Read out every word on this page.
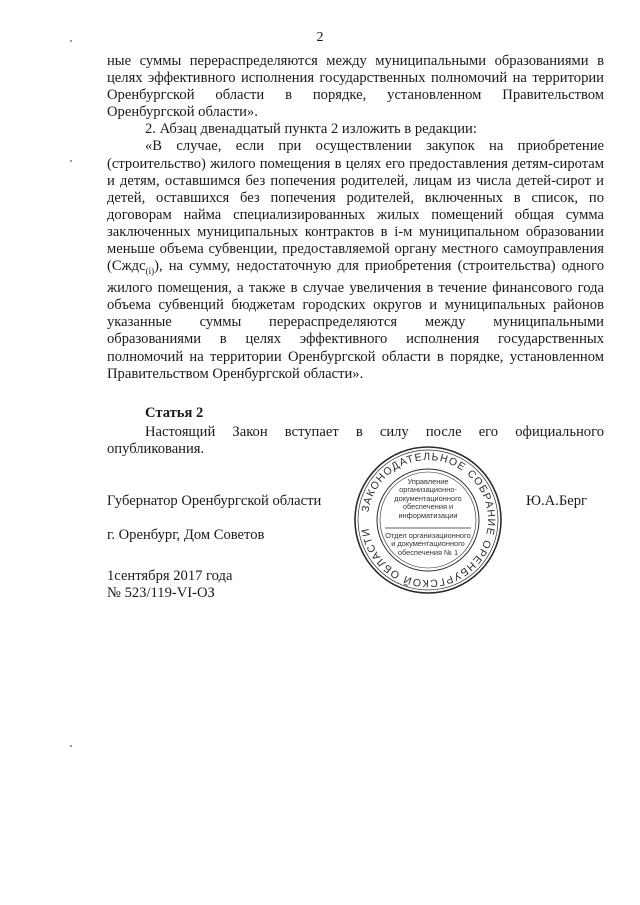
2

ные суммы перераспределяются между муниципальными образованиями в целях эффективного исполнения государственных полномочий на территории Оренбургской области в порядке, установленном Правительством Оренбургской области».

2. Абзац двенадцатый пункта 2 изложить в редакции:

«В случае, если при осуществлении закупок на приобретение (строительство) жилого помещения в целях его предоставления детям-сиротам и детям, оставшимся без попечения родителей, лицам из числа детей-сирот и детей, оставшихся без попечения родителей, включенных в список, по договорам найма специализированных жилых помещений общая сумма заключенных муниципальных контрактов в i-м муниципальном образовании меньше объема субвенции, предоставляемой органу местного самоуправления (Сждс$_{(i)}$), на сумму, недостаточную для приобретения (строительства) одного жилого помещения, а также в случае увеличения в течение финансового года объема субвенций бюджетам городских округов и муниципальных районов указанные суммы перераспределяются между муниципальными образованиями в целях эффективного исполнения государственных полномочий на территории Оренбургской области в порядке, установленном Правительством Оренбургской области».

Статья 2
Настоящий Закон вступает в силу после его официального опубликования.
Губернатор Оренбургской области	Ю.А.Берг
г. Оренбург, Дом Советов
1сентября 2017 года
№ 523/119-VI-ОЗ
ЗАКОНОДАТЕЛЬНОЕ СОБРАНИЕ ОРЕНБУРГСКОЙ ОБЛАСТИ
Управление организационно-документационного обеспечения и информатизации
Отдел организационного и документационного обеспечения № 1
